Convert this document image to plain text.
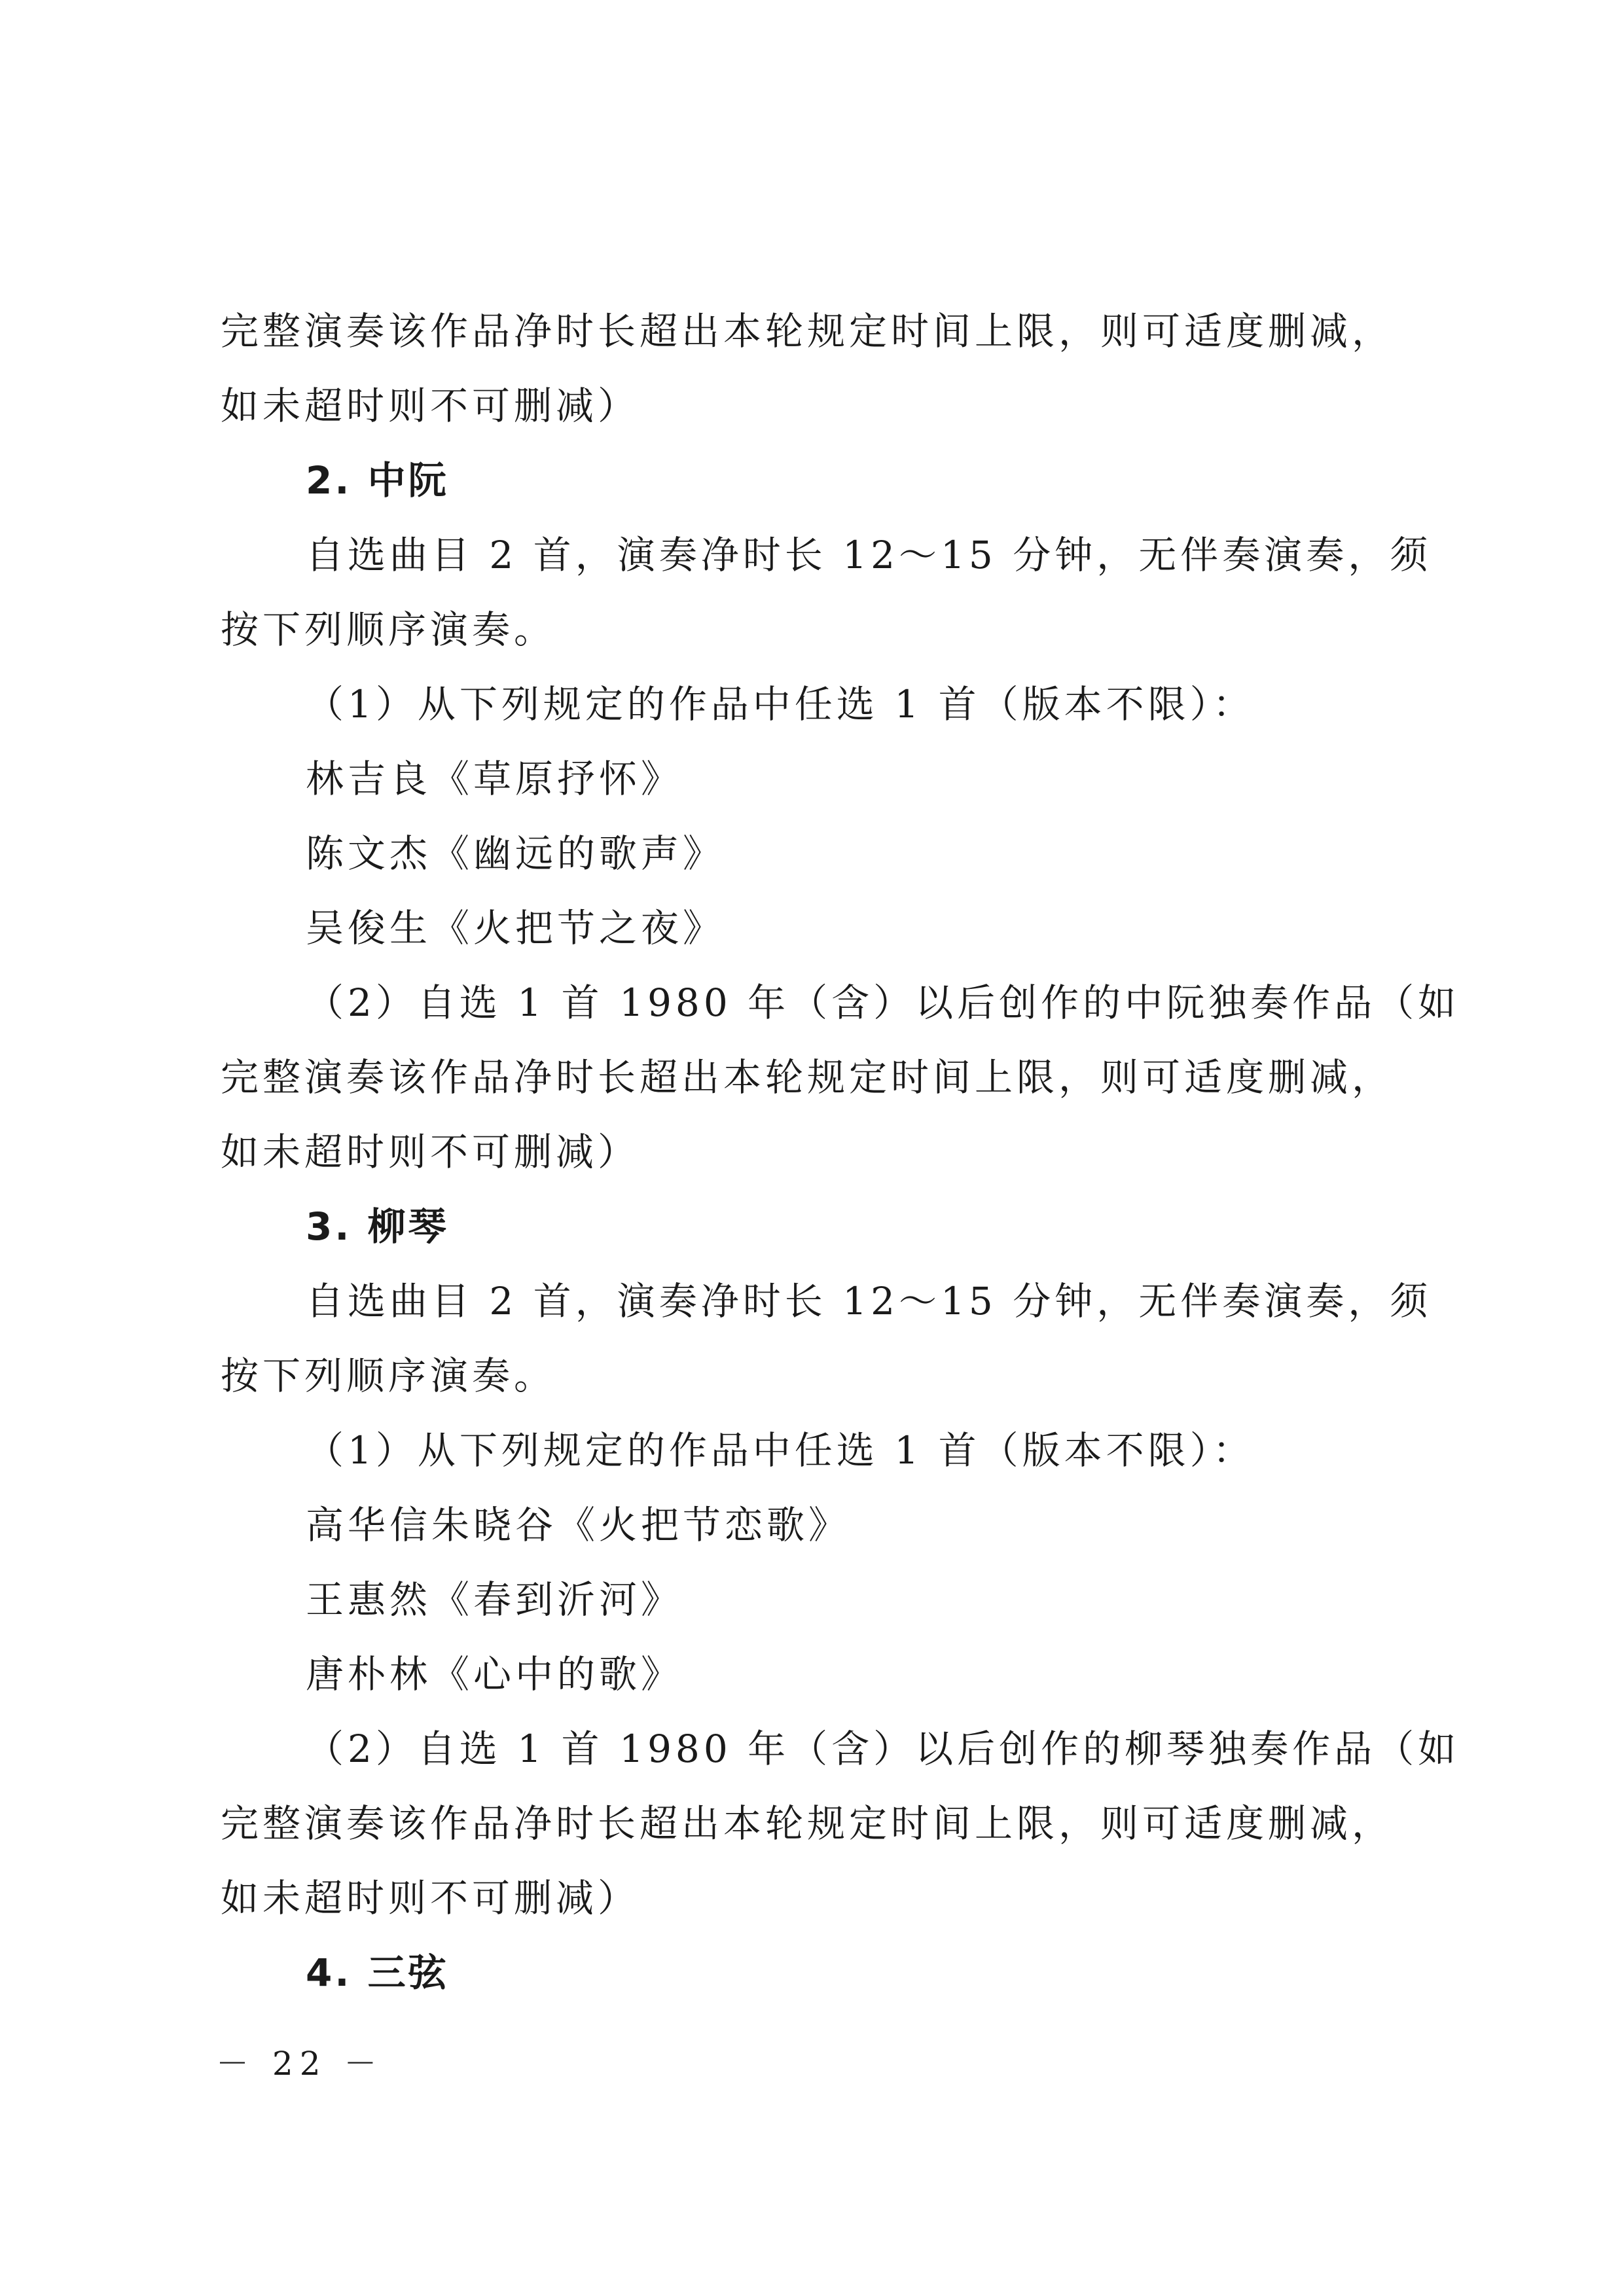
完整演奏该作品净时长超出本轮规定时间上限，则可适度删减，
如未超时则不可删减）
2. 中阮
自选曲目 2 首，演奏净时长 12～15 分钟，无伴奏演奏，须
按下列顺序演奏。
（1）从下列规定的作品中任选 1 首（版本不限）：
林吉良《草原抒怀》
陈文杰《幽远的歌声》
吴俊生《火把节之夜》
（2）自选 1 首 1980 年（含）以后创作的中阮独奏作品（如
完整演奏该作品净时长超出本轮规定时间上限，则可适度删减，
如未超时则不可删减）
3. 柳琴
自选曲目 2 首，演奏净时长 12～15 分钟，无伴奏演奏，须
按下列顺序演奏。
（1）从下列规定的作品中任选 1 首（版本不限）：
高华信朱晓谷《火把节恋歌》
王惠然《春到沂河》
唐朴林《心中的歌》
（2）自选 1 首 1980 年（含）以后创作的柳琴独奏作品（如
完整演奏该作品净时长超出本轮规定时间上限，则可适度删减，
如未超时则不可删减）
4. 三弦
－ 22 －
